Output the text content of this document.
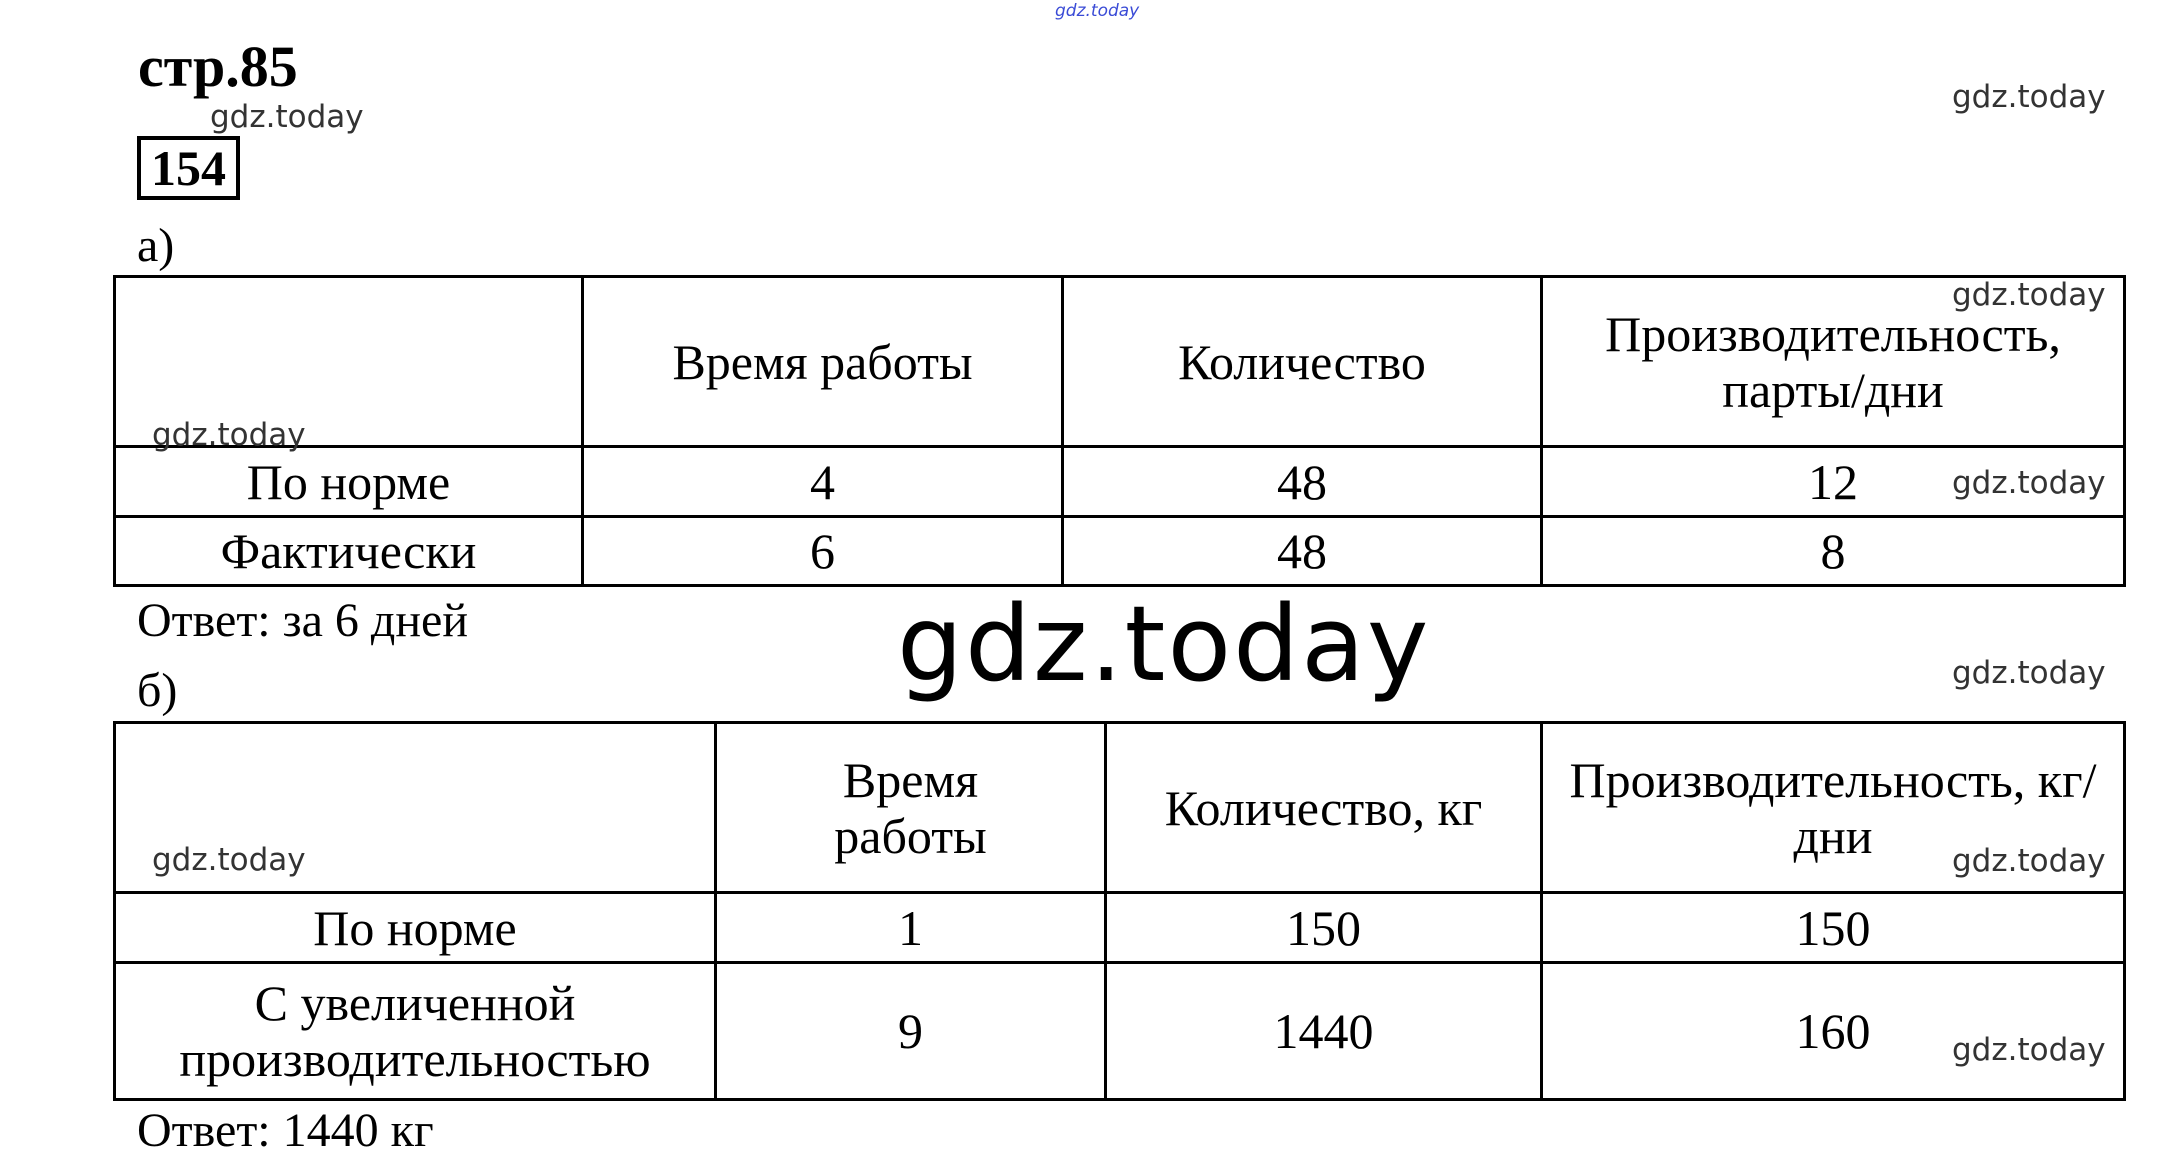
gdz.today
стр.85
gdz.today
gdz.today
154
а)
	Время работы	Количество	Производительность, парты/дни
По норме	4	48	12
Фактически	6	48	8
gdz.today
gdz.today
gdz.today
Ответ: за 6 дней	gdz.today	gdz.today
б)
	Время работы	Количество, кг	Производительность, кг/дни
По норме	1	150	150
С увеличенной производительностью	9	1440	160
gdz.today	gdz.today
gdz.today
Ответ: 1440 кг
